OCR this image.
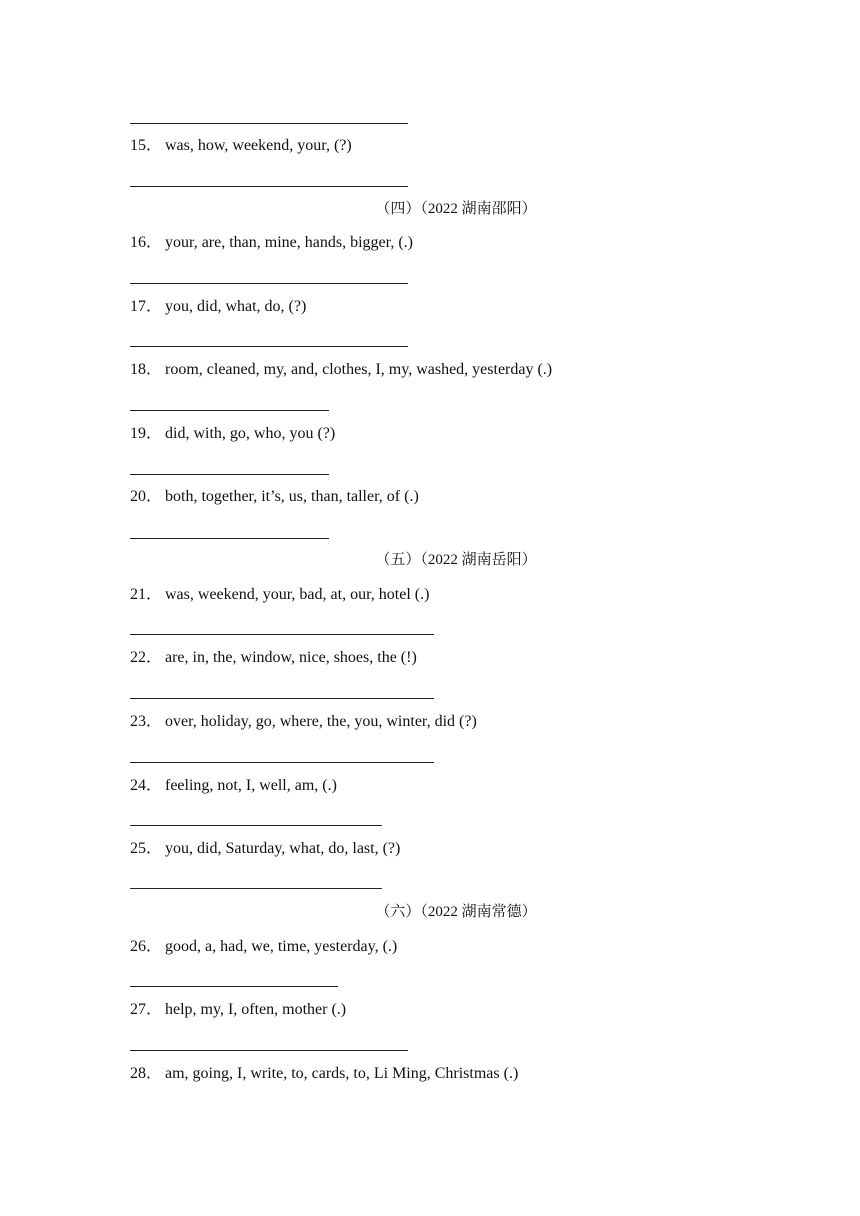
15． was, how, weekend, your, (?)
（四）（2022 湖南邵阳）
16． your, are, than, mine, hands, bigger, (.)
17． you, did, what, do, (?)
18． room, cleaned, my, and, clothes, I, my, washed, yesterday (.)
19． did, with, go, who, you (?)
20． both, together, it’s, us, than, taller, of (.)
（五）（2022 湖南岳阳）
21． was, weekend, your, bad, at, our, hotel (.)
22． are, in, the, window, nice, shoes, the (!)
23． over, holiday, go, where, the, you, winter, did (?)
24． feeling, not, I, well, am, (.)
25． you, did, Saturday, what, do, last, (?)
（六）（2022 湖南常德）
26． good, a, had, we, time, yesterday, (.)
27． help, my, I, often, mother (.)
28． am, going, I, write, to, cards, to, Li Ming, Christmas (.)
